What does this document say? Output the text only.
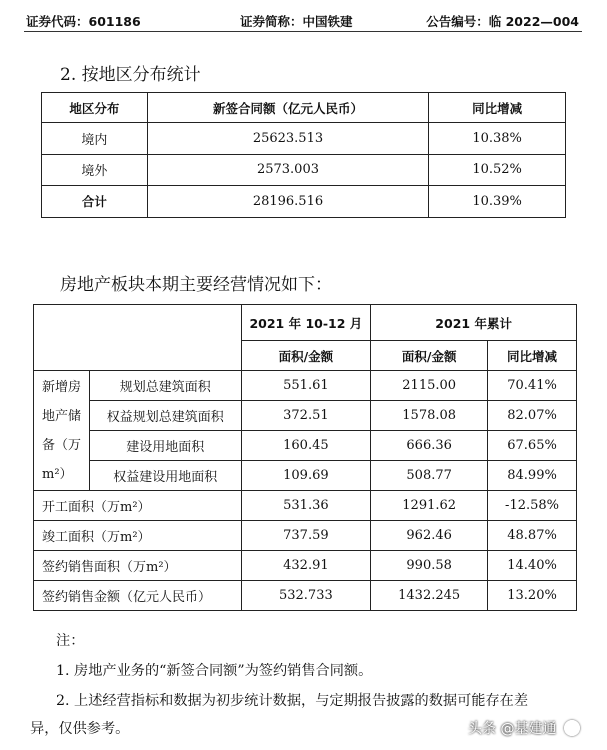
证券代码：601186	证券简称：中国铁建	公告编号：临 2022—004
2. 按地区分布统计
地区分布	新签合同额（亿元人民币）	同比增减
境内	25623.513	10.38%
境外	2573.003	10.52%
合计	28196.516	10.39%
房地产板块本期主要经营情况如下：
		2021 年 10-12 月	2021 年累计	
		面积/金额	面积/金额	同比增减

新增房
地产储
备（万
m²）	规划总建筑面积	551.61	2115.00	70.41%
	权益规划总建筑面积	372.51	1578.08	82.07%
	建设用地面积	160.45	666.36	67.65%
	权益建设用地面积	109.69	508.77	84.99%
开工面积（万m²）		531.36	1291.62	-12.58%
竣工面积（万m²）		737.59	962.46	48.87%
签约销售面积（万m²）		432.91	990.58	14.40%
签约销售金额（亿元人民币）		532.733	1432.245	13.20%
注：
1. 房地产业务的“新签合同额”为签约销售合同额。
2. 上述经营指标和数据为初步统计数据，与定期报告披露的数据可能存在差
异，仅供参考。	头条 @基建通
